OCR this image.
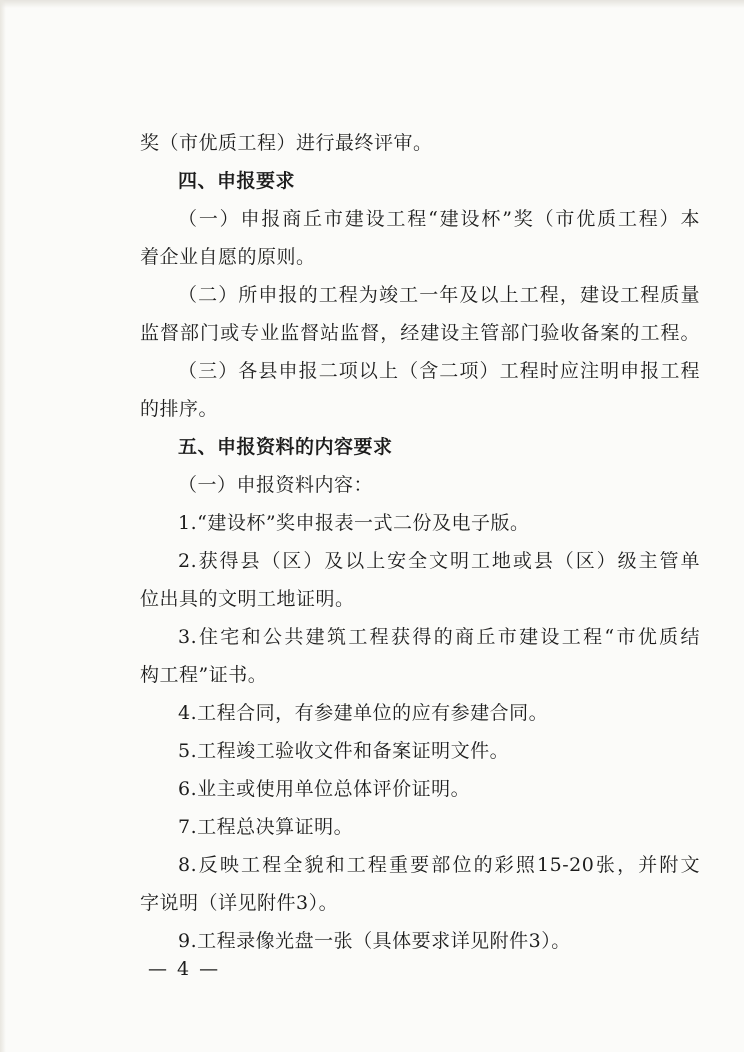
奖（市优质工程）进行最终评审。
四、申报要求
（一）申报商丘市建设工程“建设杯”奖（市优质工程）本
着企业自愿的原则。
（二）所申报的工程为竣工一年及以上工程，建设工程质量
监督部门或专业监督站监督，经建设主管部门验收备案的工程。
（三）各县申报二项以上（含二项）工程时应注明申报工程
的排序。
五、申报资料的内容要求
（一）申报资料内容：
1.“建设杯”奖申报表一式二份及电子版。
2.获得县（区）及以上安全文明工地或县（区）级主管单
位出具的文明工地证明。
3.住宅和公共建筑工程获得的商丘市建设工程“市优质结
构工程”证书。
4.工程合同，有参建单位的应有参建合同。
5.工程竣工验收文件和备案证明文件。
6.业主或使用单位总体评价证明。
7.工程总决算证明。
8.反映工程全貌和工程重要部位的彩照15-20张，并附文
字说明（详见附件3）。
9.工程录像光盘一张（具体要求详见附件3）。
— 4 —
